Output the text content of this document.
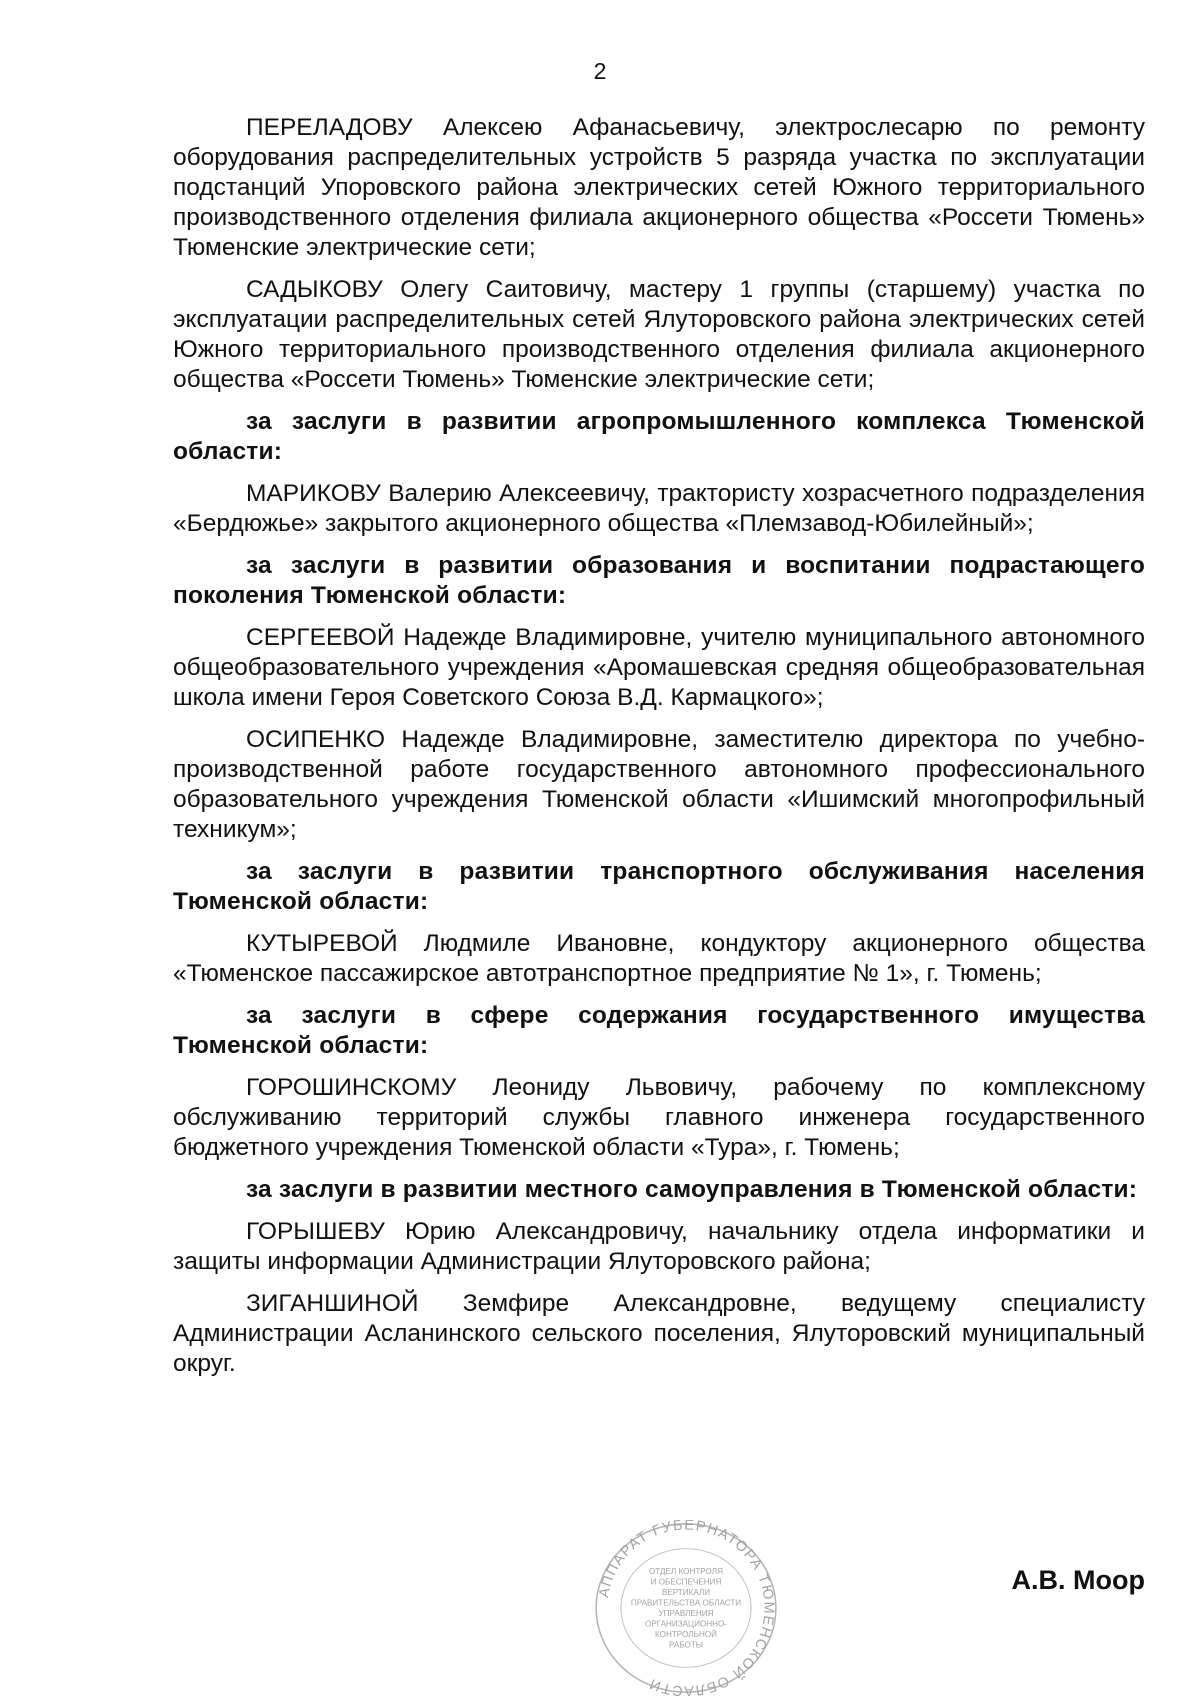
2

ПЕРЕЛАДОВУ Алексею Афанасьевичу, электрослесарю по ремонту оборудования распределительных устройств 5 разряда участка по эксплуатации подстанций Упоровского района электрических сетей Южного территориального производственного отделения филиала акционерного общества «Россети Тюмень» Тюменские электрические сети;

САДЫКОВУ Олегу Саитовичу, мастеру 1 группы (старшему) участка по эксплуатации распределительных сетей Ялуторовского района электрических сетей Южного территориального производственного отделения филиала акционерного общества «Россети Тюмень» Тюменские электрические сети;

за заслуги в развитии агропромышленного комплекса Тюменской области:

МАРИКОВУ Валерию Алексеевичу, трактористу хозрасчетного подразделения «Бердюжье» закрытого акционерного общества «Племзавод-Юбилейный»;

за заслуги в развитии образования и воспитании подрастающего поколения Тюменской области:

СЕРГЕЕВОЙ Надежде Владимировне, учителю муниципального автономного общеобразовательного учреждения «Аромашевская средняя общеобразовательная школа имени Героя Советского Союза В.Д. Кармацкого»;

ОСИПЕНКО Надежде Владимировне, заместителю директора по учебно-производственной работе государственного автономного профессионального образовательного учреждения Тюменской области «Ишимский многопрофильный техникум»;

за заслуги в развитии транспортного обслуживания населения Тюменской области:

КУТЫРЕВОЙ Людмиле Ивановне, кондуктору акционерного общества «Тюменское пассажирское автотранспортное предприятие № 1», г. Тюмень;

за заслуги в сфере содержания государственного имущества Тюменской области:

ГОРОШИНСКОМУ Леониду Львовичу, рабочему по комплексному обслуживанию территорий службы главного инженера государственного бюджетного учреждения Тюменской области «Тура», г. Тюмень;

за заслуги в развитии местного самоуправления в Тюменской области:

ГОРЫШЕВУ Юрию Александровичу, начальнику отдела информатики и защиты информации Администрации Ялуторовского района;

ЗИГАНШИНОЙ Земфире Александровне, ведущему специалисту Администрации Асланинского сельского поселения, Ялуторовский муниципальный округ.

АППАРАТ ГУБЕРНАТОРА ТЮМЕНСКОЙ ОБЛАСТИ
ОТДЕЛ КОНТРОЛЯ
И ОБЕСПЕЧЕНИЯ
ВЕРТИКАЛИ
ПРАВИТЕЛЬСТВА ОБЛАСТИ
УПРАВЛЕНИЯ
ОРГАНИЗАЦИОННО-
КОНТРОЛЬНОЙ
РАБОТЫ
А.В. Моор
